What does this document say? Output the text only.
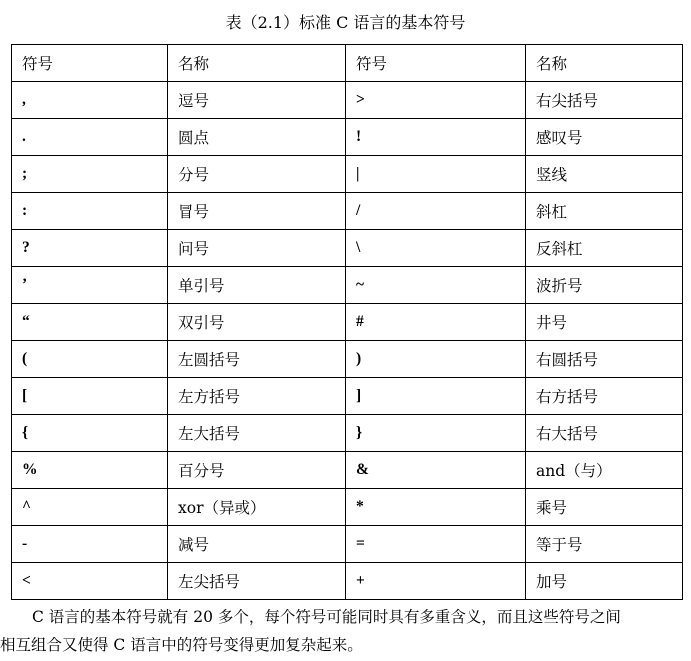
表（2.1）标准 C 语言的基本符号
符号	名称	符号	名称
,	逗号	>	右尖括号
.	圆点	!	感叹号
;	分号	|	竖线
:	冒号	/	斜杠
?	问号	\	反斜杠
’	单引号	~	波折号
“	双引号	#	井号
(	左圆括号	)	右圆括号
[	左方括号	]	右方括号
{	左大括号	}	右大括号
%	百分号	&	and（与）
^	xor（异或）	*	乘号
-	减号	=	等于号
<	左尖括号	+	加号
C 语言的基本符号就有 20 多个，每个符号可能同时具有多重含义，而且这些符号之间
相互组合又使得 C 语言中的符号变得更加复杂起来。
